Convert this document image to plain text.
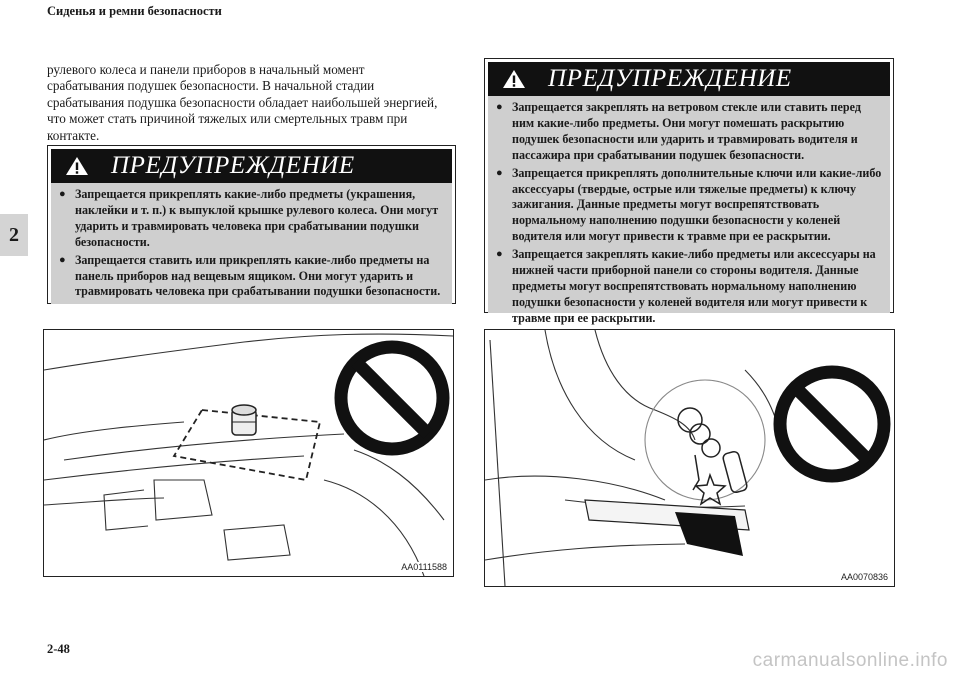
Сиденья и ремни безопасности
2

рулевого колеса и панели приборов в начальный момент

срабатывания подушек безопасности. В начальной стадии

срабатывания подушка безопасности обладает наибольшей энергией,

что может стать причиной тяжелых или смертельных травм при

контакте.

ПРЕДУПРЕЖДЕНИЕ
● Запрещается прикреплять какие-либо предметы (украшения, наклейки и т. п.) к выпуклой крышке рулевого колеса. Они могут ударить и травмировать человека при срабатывании подушки безопасности.
● Запрещается ставить или прикреплять какие-либо предметы на панель приборов над вещевым ящиком. Они могут ударить и травмировать человека при срабатывании подушки безопасности.
ПРЕДУПРЕЖДЕНИЕ
● Запрещается закреплять на ветровом стекле или ставить перед ним какие-либо предметы. Они могут помешать раскрытию подушек безопасности или ударить и травмировать водителя и пассажира при срабатывании подушек безопасности.
● Запрещается прикреплять дополнительные ключи или какие-либо аксессуары (твердые, острые или тяжелые предметы) к ключу зажигания. Данные предметы могут воспрепятствовать нормальному наполнению подушки безопасности у коленей водителя или могут привести к травме при ее раскрытии.
● Запрещается закреплять какие-либо предметы или аксессуары на нижней части приборной панели со стороны водителя. Данные предметы могут воспрепятствовать нормальному наполнению подушки безопасности у коленей водителя или могут привести к травме при ее раскрытии.
AA0111588
AA0070836
2-48
carmanualsonline.info
